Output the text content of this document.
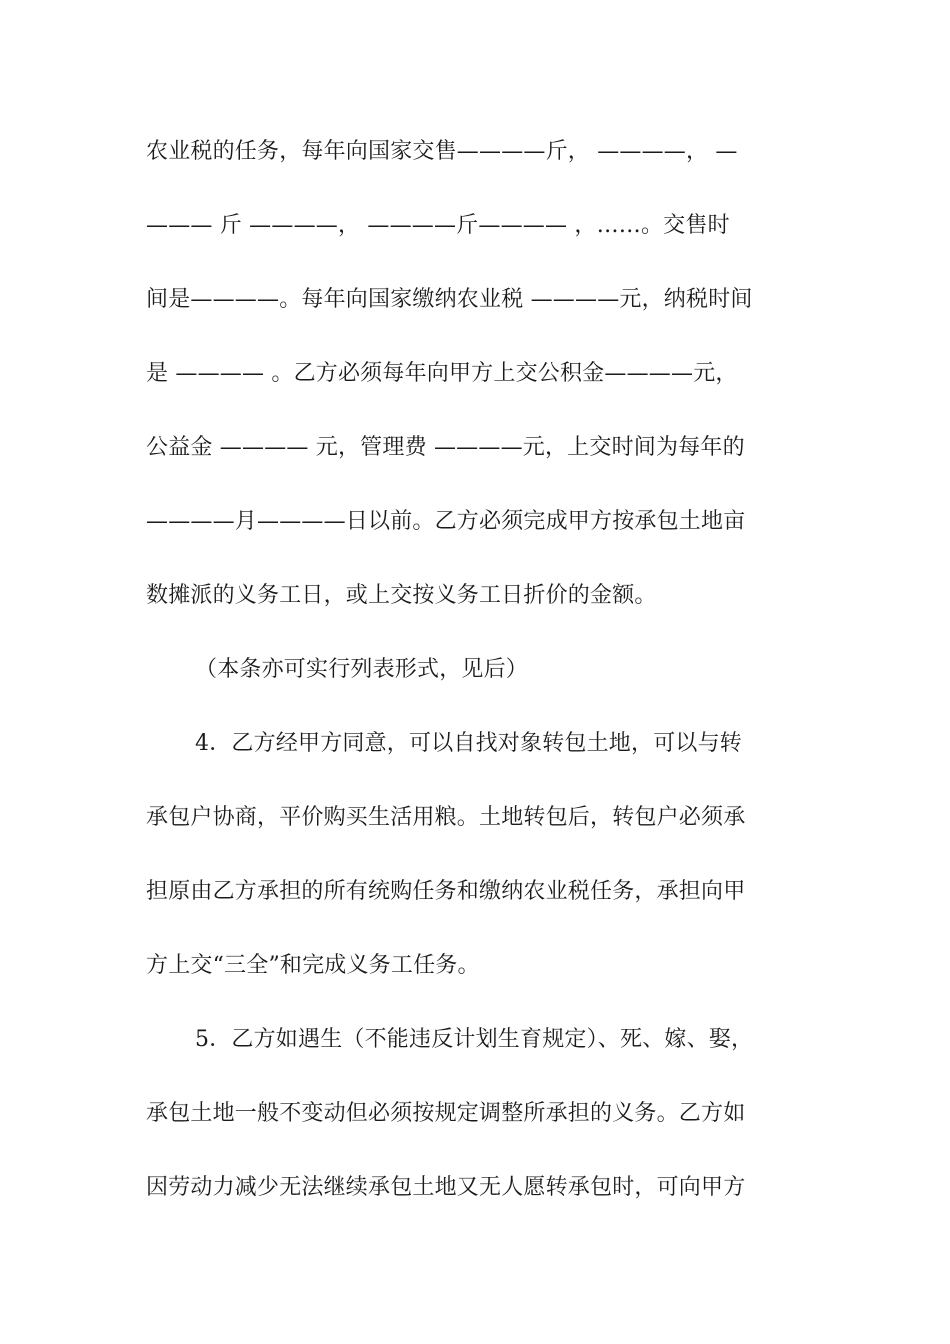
农业税的任务，每年向国家交售————斤， ————， —
——— 斤 ————， ————斤———— ，……。交售时
间是————。每年向国家缴纳农业税 ————元，纳税时间
是 ———— 。乙方必须每年向甲方上交公积金————元，
公益金 ———— 元，管理费 ————元，上交时间为每年的
————月————日以前。乙方必须完成甲方按承包土地亩
数摊派的义务工日，或上交按义务工日折价的金额。
（本条亦可实行列表形式，见后）
4．乙方经甲方同意，可以自找对象转包土地，可以与转
承包户协商，平价购买生活用粮。土地转包后，转包户必须承
担原由乙方承担的所有统购任务和缴纳农业税任务，承担向甲
方上交“三全”和完成义务工任务。
5．乙方如遇生（不能违反计划生育规定）、死、嫁、娶，
承包土地一般不变动但必须按规定调整所承担的义务。乙方如
因劳动力减少无法继续承包土地又无人愿转承包时，可向甲方
